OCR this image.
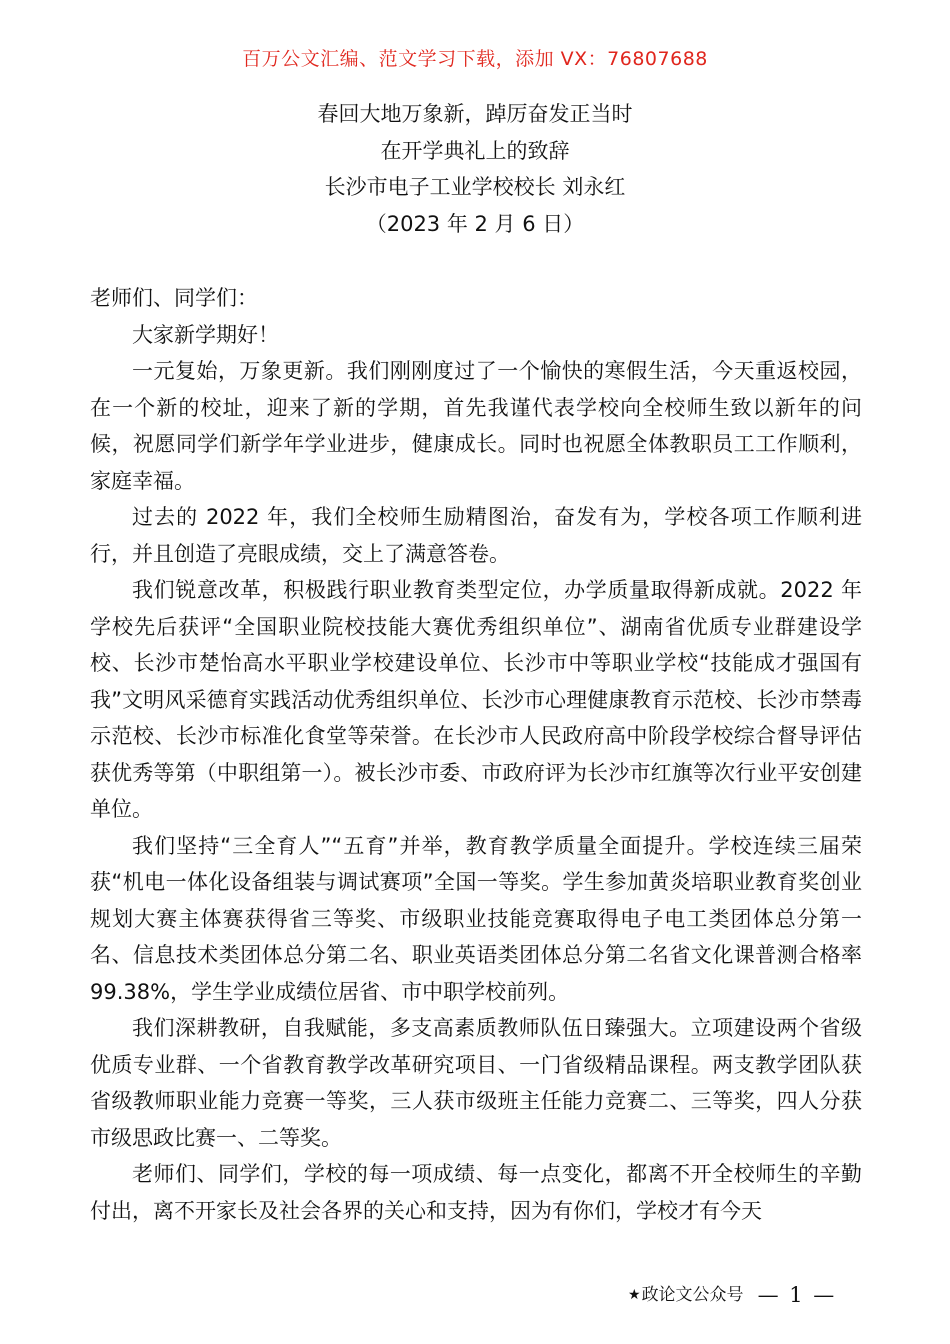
百万公文汇编、范文学习下载，添加 VX：76807688
春回大地万象新，踔厉奋发正当时
在开学典礼上的致辞
长沙市电子工业学校校长 刘永红
（2023 年 2 月 6 日）

老师们、同学们：

大家新学期好！

一元复始，万象更新。我们刚刚度过了一个愉快的寒假生活，今天重返校园，在一个新的校址，迎来了新的学期，首先我谨代表学校向全校师生致以新年的问候，祝愿同学们新学年学业进步，健康成长。同时也祝愿全体教职员工工作顺利，家庭幸福。

过去的 2022 年，我们全校师生励精图治，奋发有为，学校各项工作顺利进行，并且创造了亮眼成绩，交上了满意答卷。

我们锐意改革，积极践行职业教育类型定位，办学质量取得新成就。2022 年学校先后获评“全国职业院校技能大赛优秀组织单位”、湖南省优质专业群建设学校、长沙市楚怡高水平职业学校建设单位、长沙市中等职业学校“技能成才强国有我”文明风采德育实践活动优秀组织单位、长沙市心理健康教育示范校、长沙市禁毒示范校、长沙市标准化食堂等荣誉。在长沙市人民政府高中阶段学校综合督导评估获优秀等第（中职组第一）。被长沙市委、市政府评为长沙市红旗等次行业平安创建单位。

我们坚持“三全育人”“五育”并举，教育教学质量全面提升。学校连续三届荣获“机电一体化设备组装与调试赛项”全国一等奖。学生参加黄炎培职业教育奖创业规划大赛主体赛获得省三等奖、市级职业技能竞赛取得电子电工类团体总分第一名、信息技术类团体总分第二名、职业英语类团体总分第二名省文化课普测合格率 99.38%，学生学业成绩位居省、市中职学校前列。

我们深耕教研，自我赋能，多支高素质教师队伍日臻强大。立项建设两个省级优质专业群、一个省教育教学改革研究项目、一门省级精品课程。两支教学团队获省级教师职业能力竞赛一等奖，三人获市级班主任能力竞赛二、三等奖，四人分获市级思政比赛一、二等奖。

老师们、同学们，学校的每一项成绩、每一点变化，都离不开全校师生的辛勤付出，离不开家长及社会各界的关心和支持，因为有你们，学校才有今天

★ 政论文公众号 — 1 —
